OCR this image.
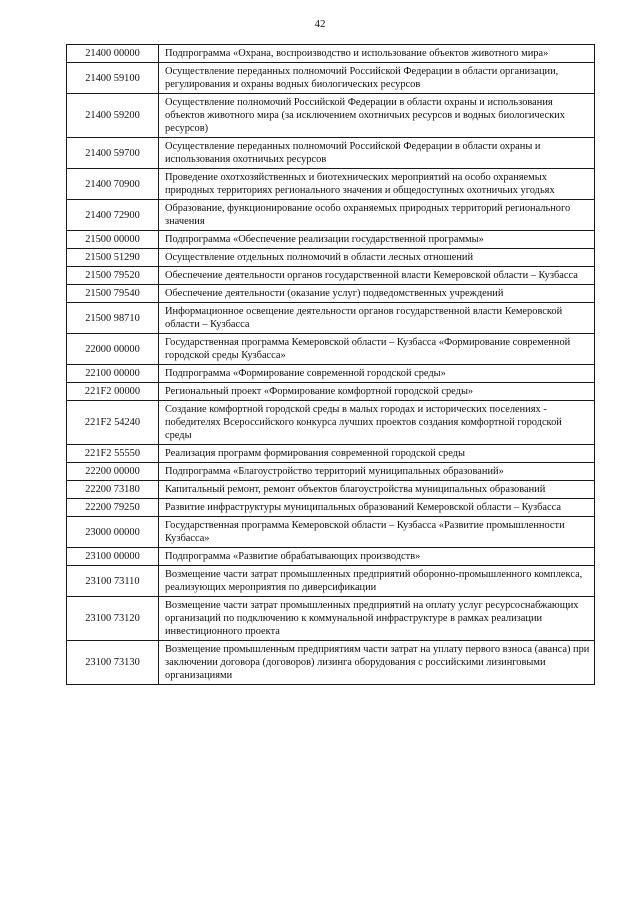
42
21400 00000	Подпрограмма «Охрана, воспроизводство и использование объектов животного мира»
21400 59100	Осуществление переданных полномочий Российской Федерации в области организации, регулирования и охраны водных биологических ресурсов
21400 59200	Осуществление полномочий Российской Федерации в области охраны и использования объектов животного мира (за исключением охотничьих ресурсов и водных биологических ресурсов)
21400 59700	Осуществление переданных полномочий Российской Федерации в области охраны и использования охотничьих ресурсов
21400 70900	Проведение охотхозяйственных и биотехнических мероприятий на особо охраняемых природных территориях регионального значения и общедоступных охотничьих угодьях
21400 72900	Образование, функционирование особо охраняемых природных территорий регионального значения
21500 00000	Подпрограмма «Обеспечение реализации государственной программы»
21500 51290	Осуществление отдельных полномочий в области лесных отношений
21500 79520	Обеспечение деятельности органов государственной власти Кемеровской области – Кузбасса
21500 79540	Обеспечение деятельности (оказание услуг) подведомственных учреждений
21500 98710	Информационное освещение деятельности органов государственной власти Кемеровской области – Кузбасса
22000 00000	Государственная программа Кемеровской области – Кузбасса «Формирование современной городской среды Кузбасса»
22100 00000	Подпрограмма «Формирование современной городской среды»
221F2 00000	Региональный проект «Формирование комфортной городской среды»
221F2 54240	Создание комфортной городской среды в малых городах и исторических поселениях - победителях Всероссийского конкурса лучших проектов создания комфортной городской среды
221F2 55550	Реализация программ формирования современной городской среды
22200 00000	Подпрограмма «Благоустройство территорий муниципальных образований»
22200 73180	Капитальный ремонт, ремонт объектов благоустройства муниципальных образований
22200 79250	Развитие инфраструктуры муниципальных образований Кемеровской области – Кузбасса
23000 00000	Государственная программа Кемеровской области – Кузбасса «Развитие промышленности Кузбасса»
23100 00000	Подпрограмма «Развитие обрабатывающих производств»
23100 73110	Возмещение части затрат промышленных предприятий оборонно-промышленного комплекса, реализующих мероприятия по диверсификации
23100 73120	Возмещение части затрат промышленных предприятий на оплату услуг ресурсоснабжающих организаций по подключению к коммунальной инфраструктуре в рамках реализации инвестиционного проекта
23100 73130	Возмещение промышленным предприятиям части затрат на уплату первого взноса (аванса) при заключении договора (договоров) лизинга оборудования с российскими лизинговыми организациями
